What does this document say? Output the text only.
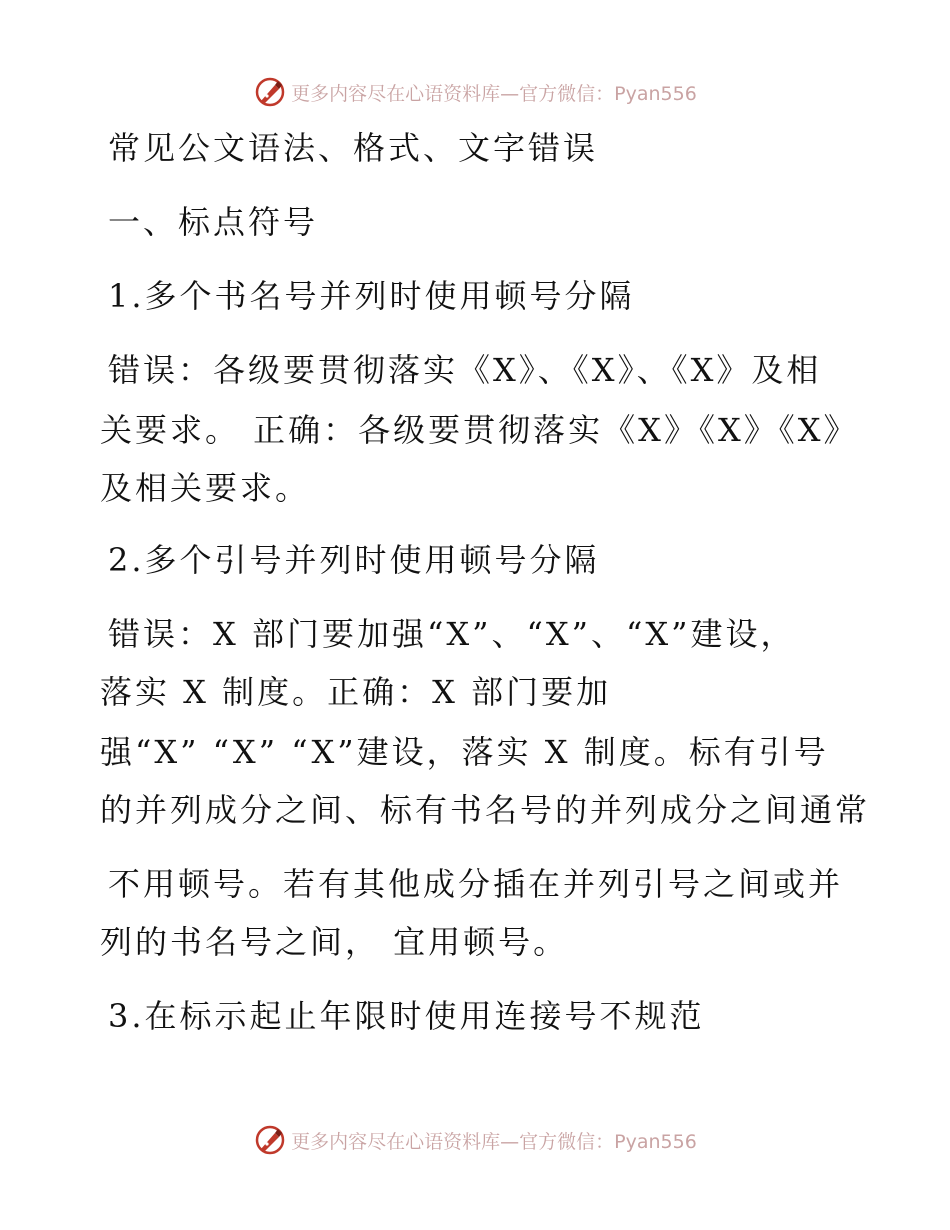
更多内容尽在心语资料库—官方微信：Pyan556
常见公文语法、格式、文字错误
一、标点符号
1.多个书名号并列时使用顿号分隔
错误：各级要贯彻落实《X》、《X》、《X》及相
关要求。 正确：各级要贯彻落实《X》《X》《X》
及相关要求。
2.多个引号并列时使用顿号分隔
错误：X 部门要加强“X”、“X”、“X”建设，
落实 X 制度。正确：X 部门要加
强“X” “X” “X”建设，落实 X 制度。标有引号
的并列成分之间、标有书名号的并列成分之间通常
不用顿号。若有其他成分插在并列引号之间或并
列的书名号之间， 宜用顿号。
3.在标示起止年限时使用连接号不规范
更多内容尽在心语资料库—官方微信：Pyan556
